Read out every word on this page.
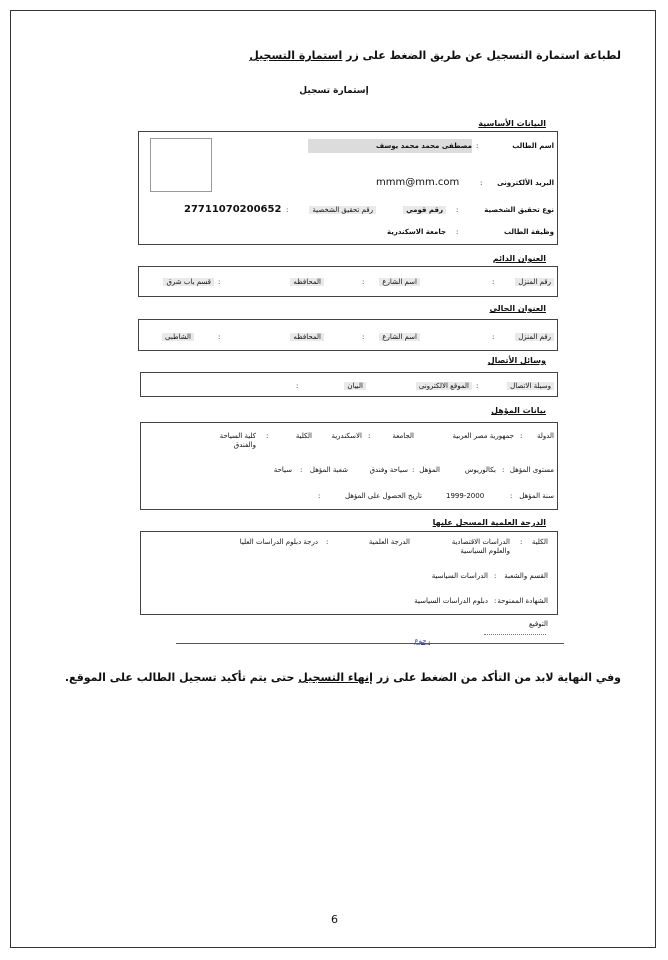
لطباعة استمارة التسجيل عن طريق الضغط على زر استمارة التسجيل
إستمارة تسجيل
البيانات الأساسية
اسم الطالب
:
مصطفى محمد محمد يوسف
البريد الألكترونى
:
mmm@mm.com
نوع تحقيق الشخصية
:
رقم قومي
رقم تحقيق الشخصية
:
27711070200652
وظيفة الطالب
:
جامعة الاسكندرية
العنوان الدائم
رقم المنزل
:
اسم الشارع
:
المحافظه
:
قسم باب شرق
العنوان الحالى
رقم المنزل
:
اسم الشارع
:
المحافظه
:
الشاطبى
وسائل الأتصال
وسيلة الاتصال
:
الموقع الالكترونى
البيان
:
بيانات المؤهل
الدولة
:
جمهورية مصر العربية
الجامعة
:
الاسكندرية
الكلية
:
كلية السياحة والفندق
مستوى المؤهل
:
بكالوريوس
المؤهل
:
سياحة وفندق
شعبة المؤهل
:
سياحة
سنة المؤهل
:
1999-2000
تاريخ الحصول على المؤهل
:
الدرجة العلمية المسجل عليها
الكلية
:
الدراسات الاقتصادية والعلوم السياسية
الدرجة العلمية
:
درجة دبلوم الدراسات العليا
القسم والشعبة
:
الدراسات السياسية
الشهادة الممنوحة
:
دبلوم الدراسات السياسية
التوقيع
رجوع
وفي النهاية لابد من التأكد من الضغط على زر إنهاء التسجيل حتى يتم تأكيد تسجيل الطالب على الموقع.
6
